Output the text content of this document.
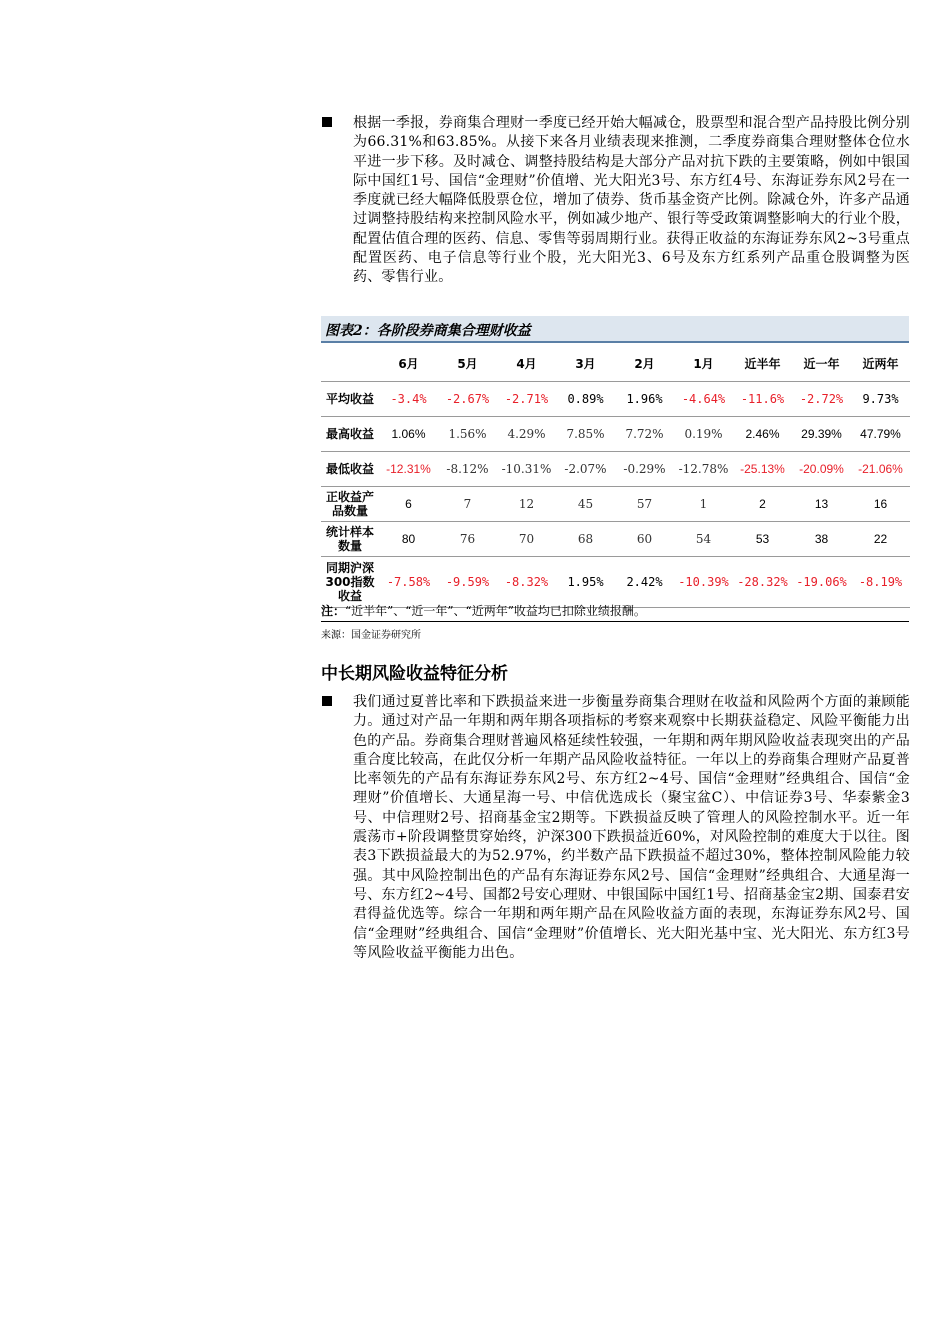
根据一季报，券商集合理财一季度已经开始大幅减仓，股票型和混合型产品持股比例分别为66.31%和63.85%。从接下来各月业绩表现来推测，二季度券商集合理财整体仓位水平进一步下移。及时减仓、调整持股结构是大部分产品对抗下跌的主要策略，例如中银国际中国红1号、国信“金理财”价值增、光大阳光3号、东方红4号、东海证券东风2号在一季度就已经大幅降低股票仓位，增加了债券、货币基金资产比例。除减仓外，许多产品通过调整持股结构来控制风险水平，例如减少地产、银行等受政策调整影响大的行业个股，配置估值合理的医药、信息、零售等弱周期行业。获得正收益的东海证券东风2~3号重点配置医药、电子信息等行业个股，光大阳光3、6号及东方红系列产品重仓股调整为医药、零售行业。
图表2：各阶段券商集合理财收益
	6月	5月	4月	3月	2月	1月	近半年	近一年	近两年
平均收益	-3.4%	-2.67%	-2.71%	0.89%	1.96%	-4.64%	-11.6%	-2.72%	9.73%
最高收益	1.06%	1.56%	4.29%	7.85%	7.72%	0.19%	2.46%	29.39%	47.79%
最低收益	-12.31%	-8.12%	-10.31%	-2.07%	-0.29%	-12.78%	-25.13%	-20.09%	-21.06%
正收益产品数量	6	7	12	45	57	1	2	13	16
统计样本数量	80	76	70	68	60	54	53	38	22
同期沪深300指数收益	-7.58%	-9.59%	-8.32%	1.95%	2.42%	-10.39%	-28.32%	-19.06%	-8.19%
注：“近半年”、“近一年”、“近两年”收益均已扣除业绩报酬。
来源：国金证券研究所
中长期风险收益特征分析
我们通过夏普比率和下跌损益来进一步衡量券商集合理财在收益和风险两个方面的兼顾能力。通过对产品一年期和两年期各项指标的考察来观察中长期获益稳定、风险平衡能力出色的产品。券商集合理财普遍风格延续性较强，一年期和两年期风险收益表现突出的产品重合度比较高，在此仅分析一年期产品风险收益特征。一年以上的券商集合理财产品夏普比率领先的产品有东海证券东风2号、东方红2~4号、国信“金理财”经典组合、国信“金理财”价值增长、大通星海一号、中信优选成长（聚宝盆C）、中信证券3号、华泰紫金3号、中信理财2号、招商基金宝2期等。下跌损益反映了管理人的风险控制水平。近一年震荡市+阶段调整贯穿始终，沪深300下跌损益近60%，对风险控制的难度大于以往。图表3下跌损益最大的为52.97%，约半数产品下跌损益不超过30%，整体控制风险能力较强。其中风险控制出色的产品有东海证券东风2号、国信“金理财”经典组合、大通星海一号、东方红2~4号、国都2号安心理财、中银国际中国红1号、招商基金宝2期、国泰君安君得益优选等。综合一年期和两年期产品在风险收益方面的表现，东海证券东风2号、国信“金理财”经典组合、国信“金理财”价值增长、光大阳光基中宝、光大阳光、东方红3号等风险收益平衡能力出色。
